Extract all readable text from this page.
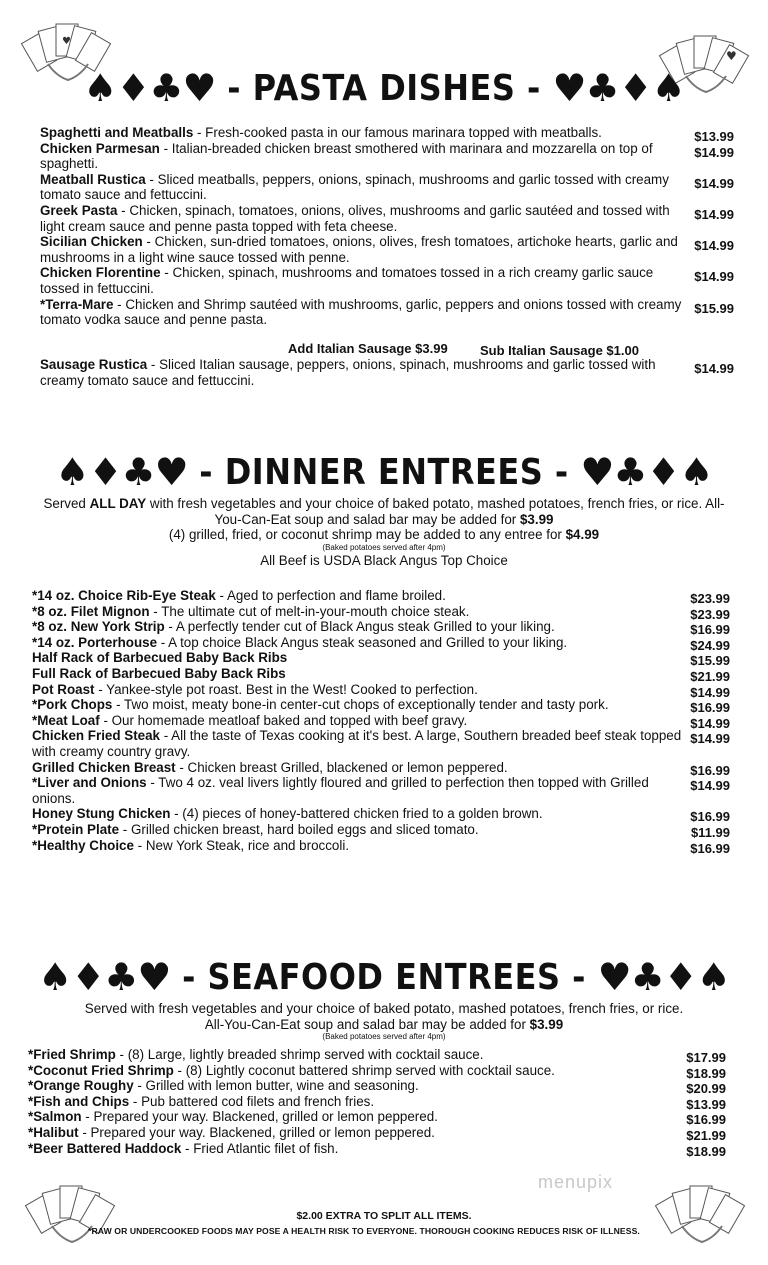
♥
♥
♠♦♣♥ - PASTA DISHES - ♥♣♦♠
Spaghetti and Meatballs - Fresh-cooked pasta in our famous marinara topped with meatballs.	$13.99
Chicken Parmesan - Italian-breaded chicken breast smothered with marinara and mozzarella on top of spaghetti.
$14.99
Meatball Rustica - Sliced meatballs, peppers, onions, spinach, mushrooms and garlic tossed with creamy tomato sauce and fettuccini.
$14.99
Greek Pasta - Chicken, spinach, tomatoes, onions, olives, mushrooms and garlic sautéed and tossed with light cream sauce and penne pasta topped with feta cheese.
$14.99
Sicilian Chicken - Chicken, sun-dried tomatoes, onions, olives, fresh tomatoes, artichoke hearts, garlic and mushrooms in a light wine sauce tossed with penne.
$14.99
Chicken Florentine - Chicken, spinach, mushrooms and tomatoes tossed in a rich creamy garlic sauce tossed in fettuccini.
$14.99
*Terra-Mare - Chicken and Shrimp sautéed with mushrooms, garlic, peppers and onions tossed with creamy tomato vodka sauce and penne pasta.
$15.99
Add Italian Sausage $3.99 Sub Italian Sausage $1.00
Sausage Rustica - Sliced Italian sausage, peppers, onions, spinach, mushrooms and garlic tossed with creamy tomato sauce and fettuccini.
$14.99
♠♦♣♥ - DINNER ENTREES - ♥♣♦♠
Served ALL DAY with fresh vegetables and your choice of baked potato, mashed potatoes, french fries, or rice. All-You-Can-Eat soup and salad bar may be added for $3.99
(4) grilled, fried, or coconut shrimp may be added to any entree for $4.99
(Baked potatoes served after 4pm)
All Beef is USDA Black Angus Top Choice
*14 oz. Choice Rib-Eye Steak - Aged to perfection and flame broiled.	$23.99
*8 oz. Filet Mignon - The ultimate cut of melt-in-your-mouth choice steak.	$23.99
*8 oz. New York Strip - A perfectly tender cut of Black Angus steak Grilled to your liking.	$16.99
*14 oz. Porterhouse - A top choice Black Angus steak seasoned and Grilled to your liking.	$24.99
Half Rack of Barbecued Baby Back Ribs	$15.99
Full Rack of Barbecued Baby Back Ribs	$21.99
Pot Roast - Yankee-style pot roast. Best in the West! Cooked to perfection.	$14.99
*Pork Chops - Two moist, meaty bone-in center-cut chops of exceptionally tender and tasty pork.	$16.99
*Meat Loaf - Our homemade meatloaf baked and topped with beef gravy.	$14.99
Chicken Fried Steak - All the taste of Texas cooking at it's best. A large, Southern breaded beef steak topped with creamy country gravy.
$14.99
Grilled Chicken Breast - Chicken breast Grilled, blackened or lemon peppered.	$16.99
*Liver and Onions - Two 4 oz. veal livers lightly floured and grilled to perfection then topped with Grilled onions.
$14.99
Honey Stung Chicken - (4) pieces of honey-battered chicken fried to a golden brown.	$16.99
*Protein Plate - Grilled chicken breast, hard boiled eggs and sliced tomato.	$11.99
*Healthy Choice - New York Steak, rice and broccoli.	$16.99
♠♦♣♥ - SEAFOOD ENTREES - ♥♣♦♠
Served with fresh vegetables and your choice of baked potato, mashed potatoes, french fries, or rice.
All-You-Can-Eat soup and salad bar may be added for $3.99
(Baked potatoes served after 4pm)
*Fried Shrimp - (8) Large, lightly breaded shrimp served with cocktail sauce.	$17.99
*Coconut Fried Shrimp - (8) Lightly coconut battered shrimp served with cocktail sauce.	$18.99
*Orange Roughy - Grilled with lemon butter, wine and seasoning.	$20.99
*Fish and Chips - Pub battered cod filets and french fries.	$13.99
*Salmon - Prepared your way. Blackened, grilled or lemon peppered.	$16.99
*Halibut - Prepared your way. Blackened, grilled or lemon peppered.	$21.99
*Beer Battered Haddock - Fried Atlantic filet of fish.	$18.99
menupix
$2.00 EXTRA TO SPLIT ALL ITEMS.
*RAW OR UNDERCOOKED FOODS MAY POSE A HEALTH RISK TO EVERYONE. THOROUGH COOKING REDUCES RISK OF ILLNESS.
